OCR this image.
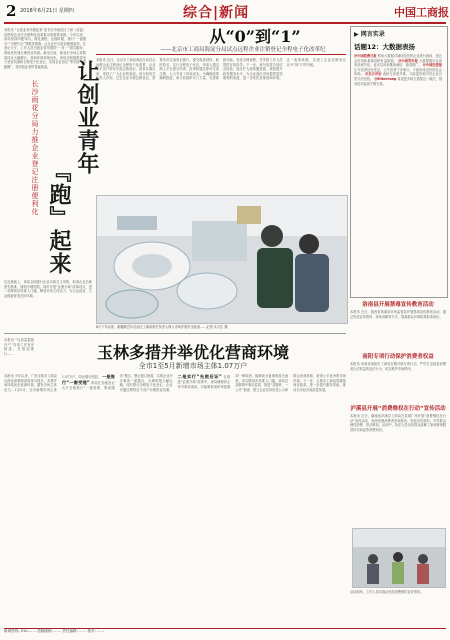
2 2018年6月21日 星期四	综合|新闻	中国工商报
本报讯 “让创业青年跑起来”是长沙市雨花区工商（质监）局围绕企业开办便利化改革推出的重要举措。今年以来，该局坚持问题导向，简化流程，压缩时限，推行“一窗通办”“全程代办”等服务措施，让企业开办更加便捷高效。在登记大厅，工作人员为创业青年提供“一对一”指导服务，帮助其快速办理营业执照。截至目前，新登记市场主体数量同比大幅增长，营商环境持续优化。该局还积极推进电子营业执照和全程电子化登记，实现企业登记“零见面”“零跑腿”，受到创业者的普遍欢迎。	让创业青年
『跑』起来
长沙雨花分局力推企业登记注册便利化
在此基础上，该局全面推行企业名称自主申报，取消企业名称预先核准，缩短办理时限。同时开展“证照分离”改革试点，进一步降低市场准入门槛，释放市场主体活力，为大众创业、万众创新营造良好环境。
从“0”到“1”
——北京市工商局海淀分局试点远程企业注销登记全程电子化改革纪
本报讯 近日，北京市工商局海淀分局试点远程企业注销登记全程电子化改革，企业足不出户即可完成注销登记。改革实施以来，受到了广大企业的欢迎。该分局有关负责人介绍，过去企业办理注销登记，需要多次往返登记窗口，提交纸质材料，耗时较长。实行全程电子化后，申请人通过网上平台提交申请，经审核通过即可完成注销，大大节省了时间成本。为确保改革顺利推进，该分局组织专门力量，完善系统功能，优化办理流程，并安排工作人员提供在线指导。下一步，该分局将总结试点经验，逐步扩大改革覆盖面，持续提升政务服务水平，为企业退出市场提供更加便利的渠道，进一步优化首都营商环境。这一改革举措，实现了企业注销登记从“0”到“1”的突破。
6月下旬以来，新疆维吾尔自治区工商局相关负责人深入市场开展安全检查……记者 实习生 摄
玉林多措并举优化营商环境
全市1至5月新增市场主体1.07万户
本报讯 “以质量提振开户”各项工作有序推进，在基层推行……
本报讯 今年以来，广西玉林市工商局以深化商事制度改革为抓手，多措并举持续优化营商环境，激发市场主体活力。1至5月，全市新增市场主体1.07万户，同比增长明显。 一是推行“一窗受理” 该局在各级登记大厅全面推行“一窗受理、集成服务”模式，整合窗口资源，实现企业开办事项一窗通办，办理时限大幅压缩。同时推行全程电子化登记，企业可通过网络足不出户办理营业执照。 二是实行“先照后证” 在推进“证照分离”改革中，该局梳理涉企许可事项清单，对能够取消的审批事项一律取消，能够改为备案的改为备案，切实降低市场准入门槛。该局还加强事中事后监管，推进“双随机、一公开”抽查，建立企业信用信息公示和联合惩戒机制，营造公平竞争的市场环境。下一步，玉林市工商局将继续深化改革，进一步提升服务效能，推动全市经济高质量发展。
▶ 网言实录
话题12：大数据表扬
@中国消费日报 利用大数据对诚信经营的企业进行表扬，是社会信用体系建设的有益探索。 @中国青年报 大数据既可以用来惩戒失信，也可以用来褒扬诚信，值得推广。 @中国经营报 让守信者处处受益，让失信者寸步难行，才能形成良好的社会风尚。 @东方评论 表扬与惩戒并重，才能更好地引导企业自觉守法经营。 @Elitechang 希望更多地方借鉴这一做法，推动信用监管不断完善。
洛南县开展禁毒宣传教育活动
本报讯 近日，陕西省洛南县市场监管局开展禁毒宣传教育活动，通过发放宣传资料、现场讲解等方式，提高群众识毒防毒拒毒意识。
南阳专项行动保护消费者权益
本报讯 河南省南阳市工商局近期开展专项行动，严厉打击侵害消费者合法权益的违法行为，切实维护市场秩序。
泸溪县开展“消费维权在行动”宣传活动
本报讯 近日，湖南省泸溪县工商局在县城广场开展“消费维权在行动”宣传活动，现场受理消费者咨询投诉，发放宣传资料，引导群众理性消费、依法维权。活动中，执法人员还向群众讲解了如何辨别假冒伪劣商品等消费知识。
活动现场，工作人员向群众发放消费维权宣传资料。
新闻热线: 010-…… 投稿邮箱: …… 责任编辑: …… 校对: ……
